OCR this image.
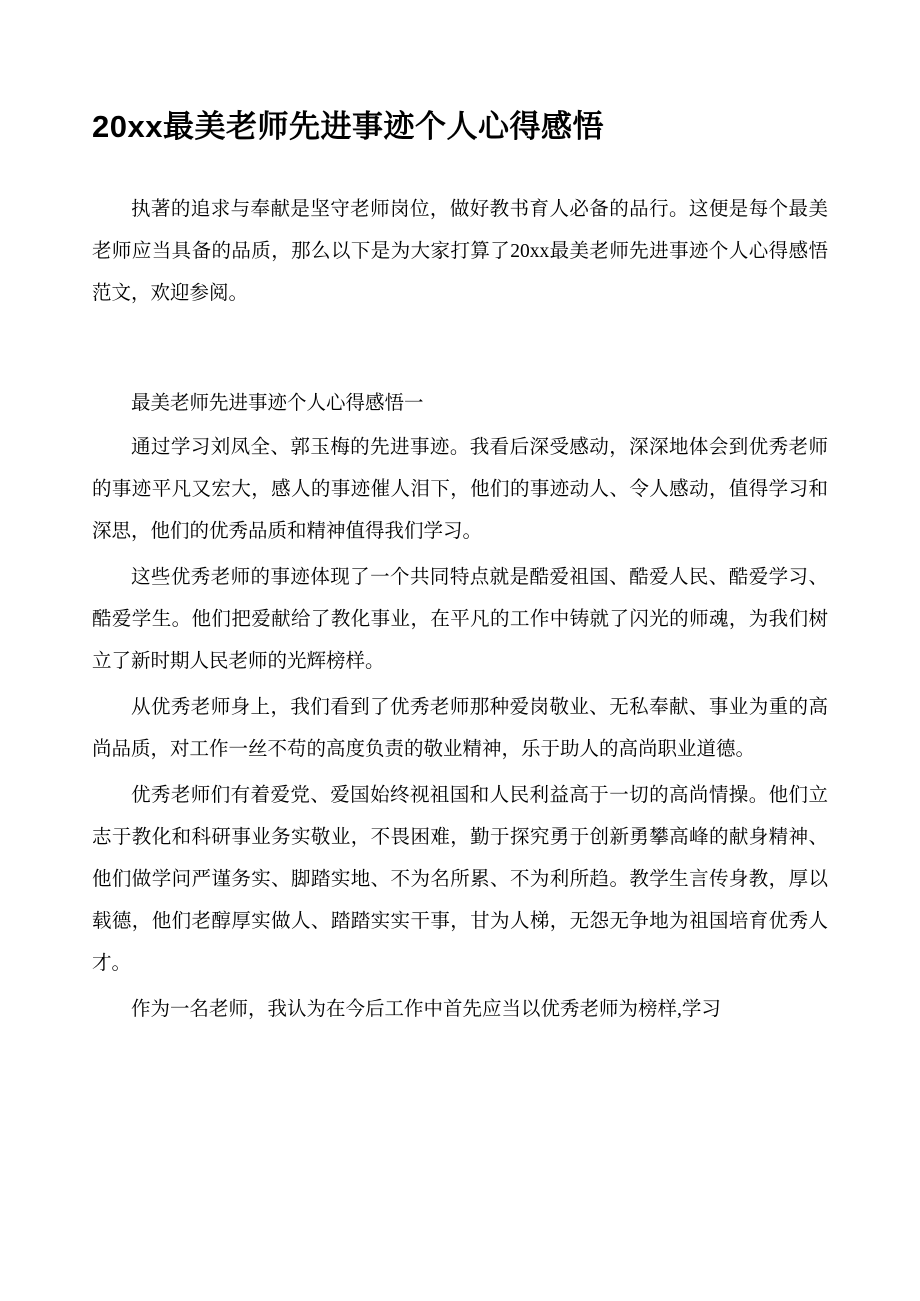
20xx最美老师先进事迹个人心得感悟

执著的追求与奉献是坚守老师岗位，做好教书育人必备的品行。这便是每个最美老师应当具备的品质，那么以下是为大家打算了20xx最美老师先进事迹个人心得感悟范文，欢迎参阅。

最美老师先进事迹个人心得感悟一

通过学习刘凤全、郭玉梅的先进事迹。我看后深受感动，深深地体会到优秀老师的事迹平凡又宏大，感人的事迹催人泪下，他们的事迹动人、令人感动，值得学习和深思，他们的优秀品质和精神值得我们学习。

这些优秀老师的事迹体现了一个共同特点就是酷爱祖国、酷爱人民、酷爱学习、酷爱学生。他们把爱献给了教化事业，在平凡的工作中铸就了闪光的师魂，为我们树立了新时期人民老师的光辉榜样。

从优秀老师身上，我们看到了优秀老师那种爱岗敬业、无私奉献、事业为重的高尚品质，对工作一丝不苟的高度负责的敬业精神，乐于助人的高尚职业道德。

优秀老师们有着爱党、爱国始终视祖国和人民利益高于一切的高尚情操。他们立志于教化和科研事业务实敬业，不畏困难，勤于探究勇于创新勇攀高峰的献身精神、他们做学问严谨务实、脚踏实地、不为名所累、不为利所趋。教学生言传身教，厚以载德，他们老醇厚实做人、踏踏实实干事，甘为人梯，无怨无争地为祖国培育优秀人才。

作为一名老师，我认为在今后工作中首先应当以优秀老师为榜样,学习
